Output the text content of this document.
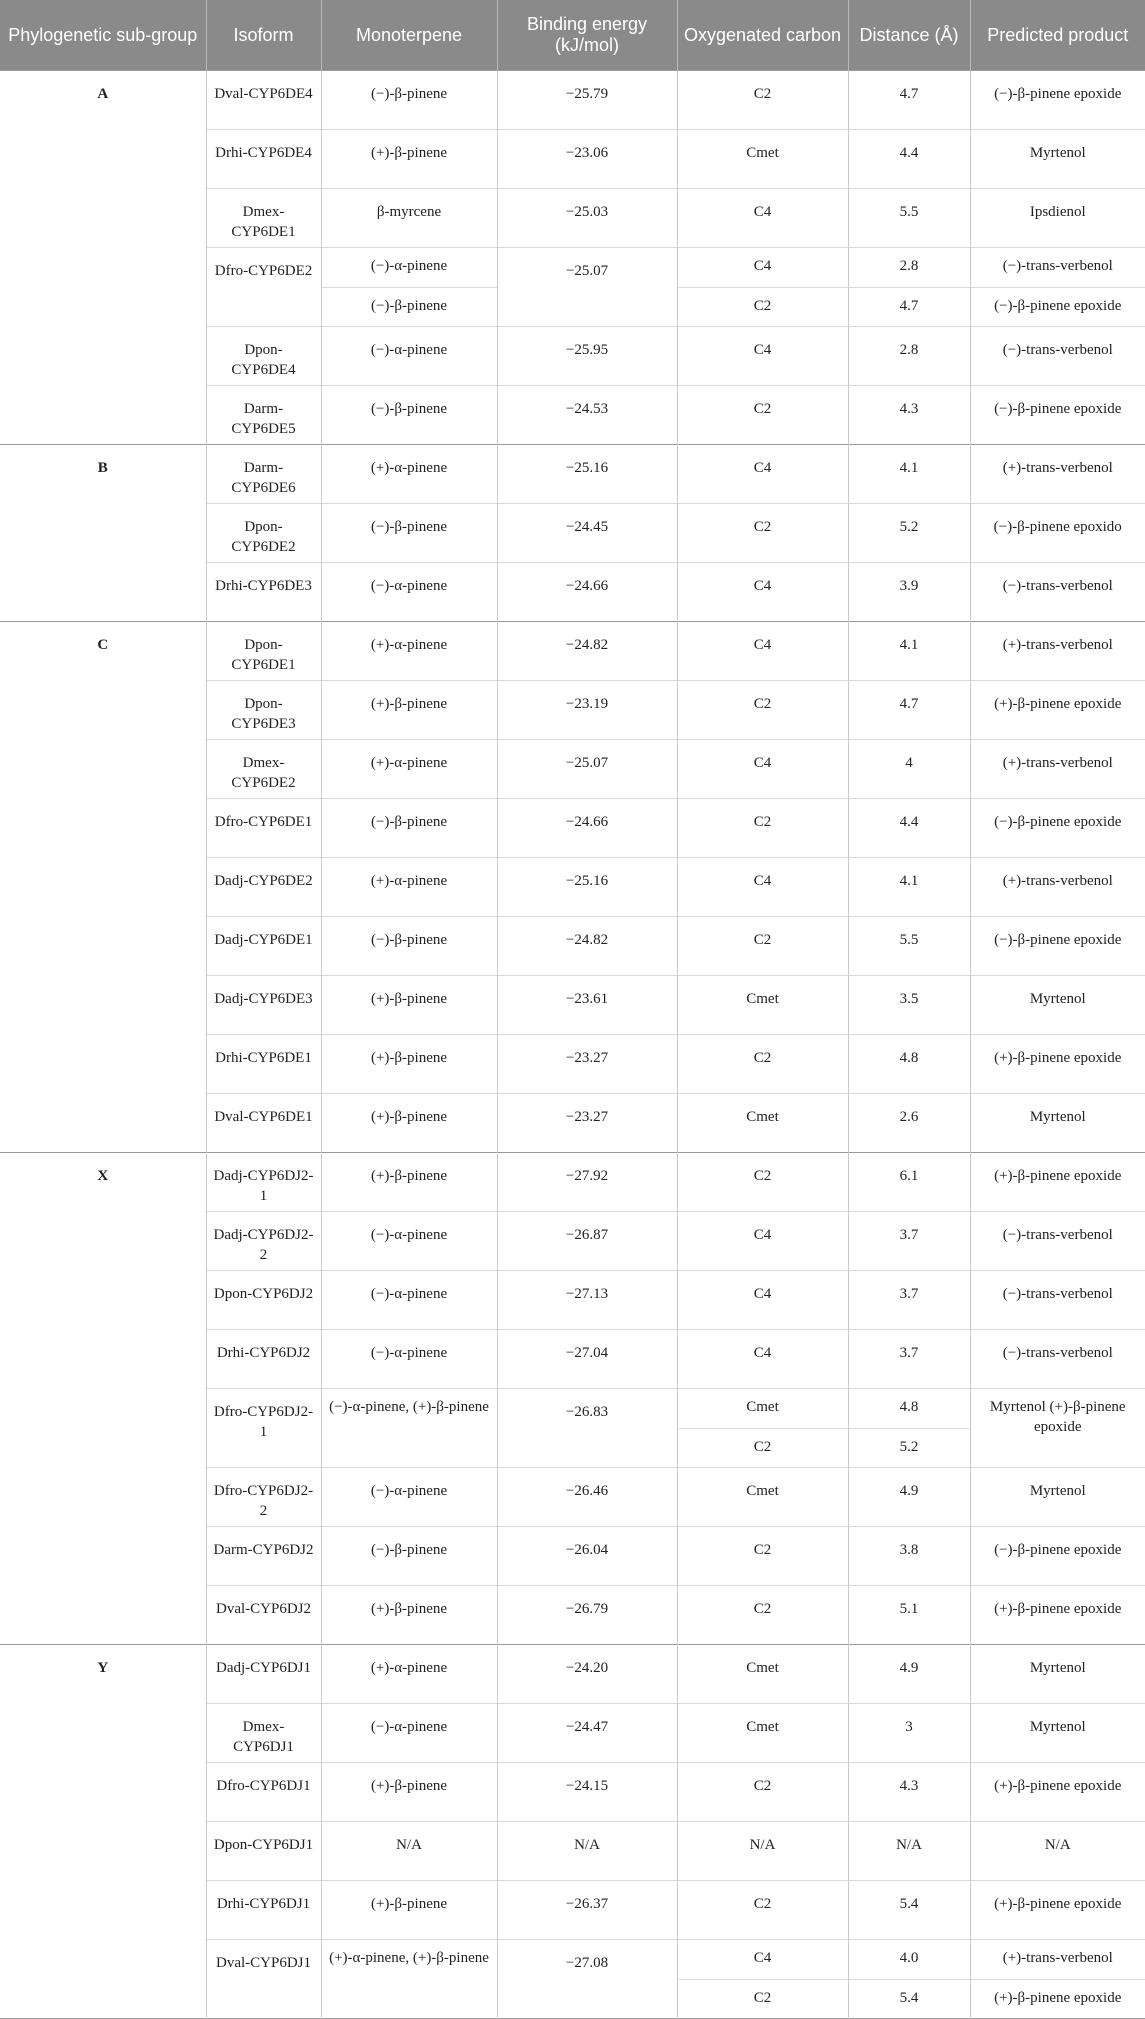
Phylogenetic sub-group	Isoform	Monoterpene	Binding energy (kJ/mol)	Oxygenated carbon	Distance (Å)	Predicted product
A	Dval-CYP6DE4	(−)-β-pinene	−25.79	C2	4.7	(−)-β-pinene epoxide
	Drhi-CYP6DE4	(+)-β-pinene	−23.06	Cmet	4.4	Myrtenol
	Dmex-CYP6DE1	β-myrcene	−25.03	C4	5.5	Ipsdienol
	Dfro-CYP6DE2	(−)-α-pinene	−25.07	C4	2.8	(−)-trans-verbenol
		(−)-β-pinene		C2	4.7	(−)-β-pinene epoxide
	Dpon-CYP6DE4	(−)-α-pinene	−25.95	C4	2.8	(−)-trans-verbenol
	Darm-CYP6DE5	(−)-β-pinene	−24.53	C2	4.3	(−)-β-pinene epoxide
B	Darm-CYP6DE6	(+)-α-pinene	−25.16	C4	4.1	(+)-trans-verbenol
	Dpon-CYP6DE2	(−)-β-pinene	−24.45	C2	5.2	(−)-β-pinene epoxido
	Drhi-CYP6DE3	(−)-α-pinene	−24.66	C4	3.9	(−)-trans-verbenol
C	Dpon-CYP6DE1	(+)-α-pinene	−24.82	C4	4.1	(+)-trans-verbenol
	Dpon-CYP6DE3	(+)-β-pinene	−23.19	C2	4.7	(+)-β-pinene epoxide
	Dmex-CYP6DE2	(+)-α-pinene	−25.07	C4	4	(+)-trans-verbenol
	Dfro-CYP6DE1	(−)-β-pinene	−24.66	C2	4.4	(−)-β-pinene epoxide
	Dadj-CYP6DE2	(+)-α-pinene	−25.16	C4	4.1	(+)-trans-verbenol
	Dadj-CYP6DE1	(−)-β-pinene	−24.82	C2	5.5	(−)-β-pinene epoxide
	Dadj-CYP6DE3	(+)-β-pinene	−23.61	Cmet	3.5	Myrtenol
	Drhi-CYP6DE1	(+)-β-pinene	−23.27	C2	4.8	(+)-β-pinene epoxide
	Dval-CYP6DE1	(+)-β-pinene	−23.27	Cmet	2.6	Myrtenol
X	Dadj-CYP6DJ2-1	(+)-β-pinene	−27.92	C2	6.1	(+)-β-pinene epoxide
	Dadj-CYP6DJ2-2	(−)-α-pinene	−26.87	C4	3.7	(−)-trans-verbenol
	Dpon-CYP6DJ2	(−)-α-pinene	−27.13	C4	3.7	(−)-trans-verbenol
	Drhi-CYP6DJ2	(−)-α-pinene	−27.04	C4	3.7	(−)-trans-verbenol
	Dfro-CYP6DJ2-1	(−)-α-pinene, (+)-β-pinene	−26.83	Cmet	4.8	Myrtenol (+)-β-pinene epoxide
				C2	5.2	
	Dfro-CYP6DJ2-2	(−)-α-pinene	−26.46	Cmet	4.9	Myrtenol
	Darm-CYP6DJ2	(−)-β-pinene	−26.04	C2	3.8	(−)-β-pinene epoxide
	Dval-CYP6DJ2	(+)-β-pinene	−26.79	C2	5.1	(+)-β-pinene epoxide
Y	Dadj-CYP6DJ1	(+)-α-pinene	−24.20	Cmet	4.9	Myrtenol
	Dmex-CYP6DJ1	(−)-α-pinene	−24.47	Cmet	3	Myrtenol
	Dfro-CYP6DJ1	(+)-β-pinene	−24.15	C2	4.3	(+)-β-pinene epoxide
	Dpon-CYP6DJ1	N/A	N/A	N/A	N/A	N/A
	Drhi-CYP6DJ1	(+)-β-pinene	−26.37	C2	5.4	(+)-β-pinene epoxide
	Dval-CYP6DJ1	(+)-α-pinene, (+)-β-pinene	−27.08	C4	4.0	(+)-trans-verbenol
				C2	5.4	(+)-β-pinene epoxide
